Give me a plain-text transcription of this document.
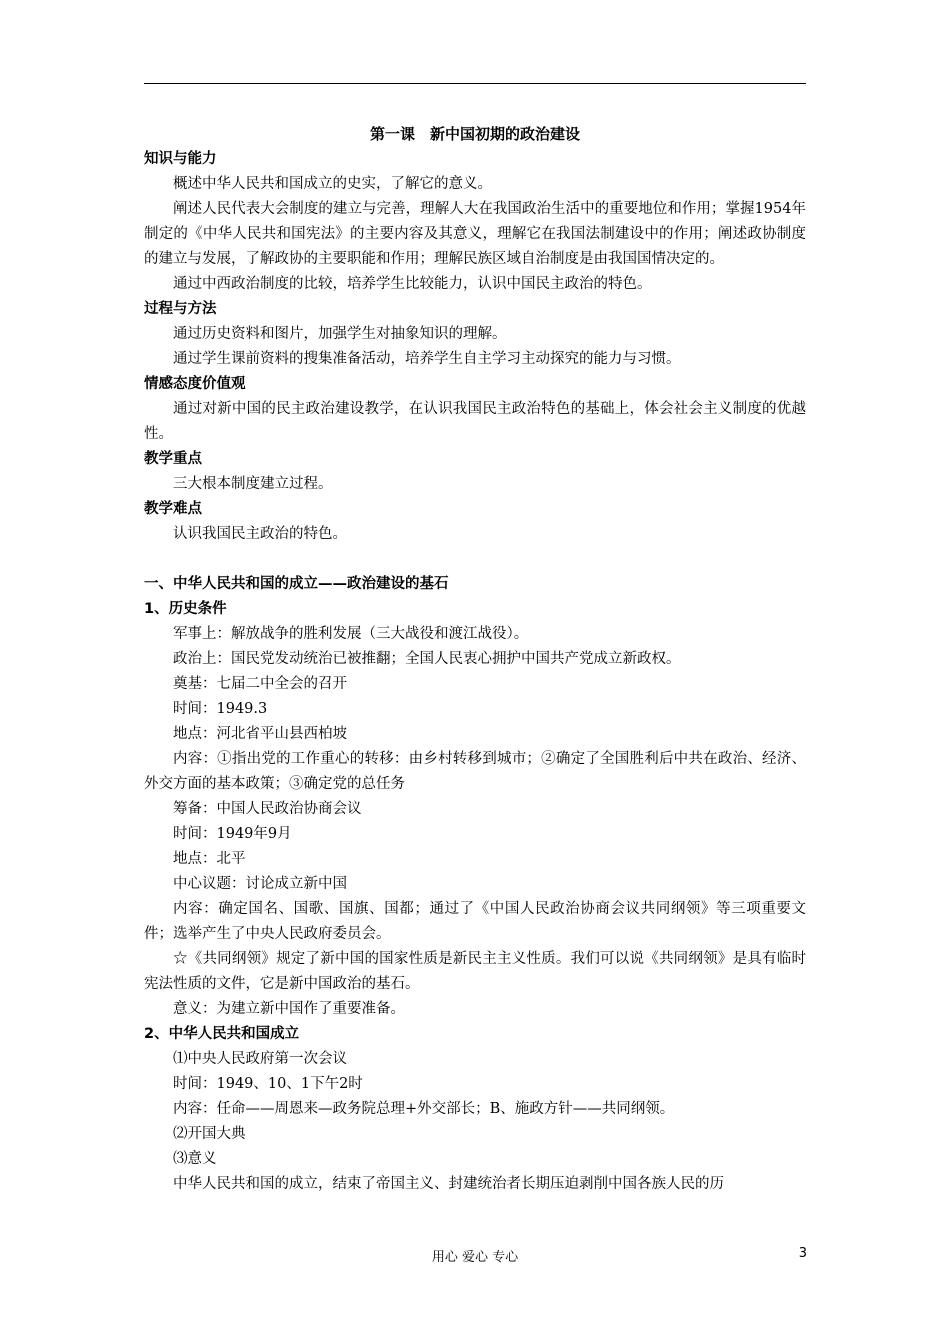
第一课　新中国初期的政治建设
知识与能力
概述中华人民共和国成立的史实，了解它的意义。
阐述人民代表大会制度的建立与完善，理解人大在我国政治生活中的重要地位和作用；掌握1954年制定的《中华人民共和国宪法》的主要内容及其意义，理解它在我国法制建设中的作用；阐述政协制度的建立与发展，了解政协的主要职能和作用；理解民族区域自治制度是由我国国情决定的。
通过中西政治制度的比较，培养学生比较能力，认识中国民主政治的特色。
过程与方法
通过历史资料和图片，加强学生对抽象知识的理解。
通过学生课前资料的搜集准备活动，培养学生自主学习主动探究的能力与习惯。
情感态度价值观
通过对新中国的民主政治建设教学，在认识我国民主政治特色的基础上，体会社会主义制度的优越性。
教学重点
三大根本制度建立过程。
教学难点
认识我国民主政治的特色。
一、中华人民共和国的成立——政治建设的基石
1、历史条件
军事上：解放战争的胜利发展（三大战役和渡江战役）。
政治上：国民党发动统治已被推翻；全国人民衷心拥护中国共产党成立新政权。
奠基：七届二中全会的召开
时间：1949.3
地点：河北省平山县西柏坡
内容：①指出党的工作重心的转移：由乡村转移到城市；②确定了全国胜利后中共在政治、经济、外交方面的基本政策；③确定党的总任务
筹备：中国人民政治协商会议
时间：1949年9月
地点：北平
中心议题：讨论成立新中国
内容：确定国名、国歌、国旗、国都；通过了《中国人民政治协商会议共同纲领》等三项重要文件；选举产生了中央人民政府委员会。
☆《共同纲领》规定了新中国的国家性质是新民主主义性质。我们可以说《共同纲领》是具有临时宪法性质的文件，它是新中国政治的基石。
意义：为建立新中国作了重要准备。
2、中华人民共和国成立
⑴中央人民政府第一次会议
时间：1949、10、1下午2时
内容：任命——周恩来—政务院总理+外交部长；B、施政方针——共同纲领。
⑵开国大典
⑶意义
中华人民共和国的成立，结束了帝国主义、封建统治者长期压迫剥削中国各族人民的历
用心 爱心 专心	3
